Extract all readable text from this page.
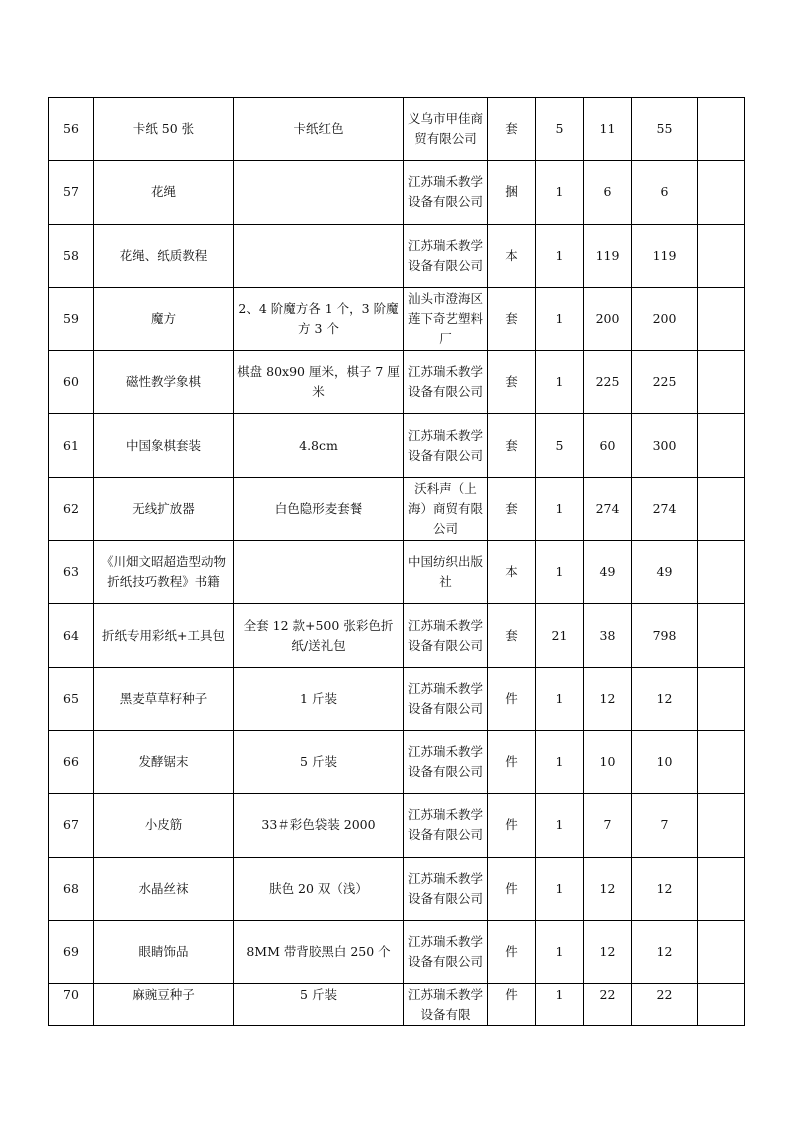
56	卡纸 50 张	卡纸红色	义乌市甲佳商贸有限公司	套	5	11	55	
57	花绳		江苏瑞禾教学设备有限公司	捆	1	6	6	
58	花绳、纸质教程		江苏瑞禾教学设备有限公司	本	1	119	119	
59	魔方	2、4 阶魔方各 1 个，3 阶魔方 3 个	汕头市澄海区莲下奇艺塑料厂	套	1	200	200	
60	磁性教学象棋	棋盘 80x90 厘米，棋子 7 厘米	江苏瑞禾教学设备有限公司	套	1	225	225	
61	中国象棋套装	4.8cm	江苏瑞禾教学设备有限公司	套	5	60	300	
62	无线扩放器	白色隐形麦套餐	沃科声（上海）商贸有限公司	套	1	274	274	
63	《川畑文昭超造型动物折纸技巧教程》书籍		中国纺织出版社	本	1	49	49	
64	折纸专用彩纸+工具包	全套 12 款+500 张彩色折纸/送礼包	江苏瑞禾教学设备有限公司	套	21	38	798	
65	黑麦草草籽种子	1 斤装	江苏瑞禾教学设备有限公司	件	1	12	12	
66	发酵锯末	5 斤装	江苏瑞禾教学设备有限公司	件	1	10	10	
67	小皮筋	33＃彩色袋装 2000	江苏瑞禾教学设备有限公司	件	1	7	7	
68	水晶丝袜	肤色 20 双（浅）	江苏瑞禾教学设备有限公司	件	1	12	12	
69	眼睛饰品	8MM 带背胶黑白 250 个	江苏瑞禾教学设备有限公司	件	1	12	12	
70	麻豌豆种子	5 斤装	江苏瑞禾教学设备有限	件	1	22	22	
